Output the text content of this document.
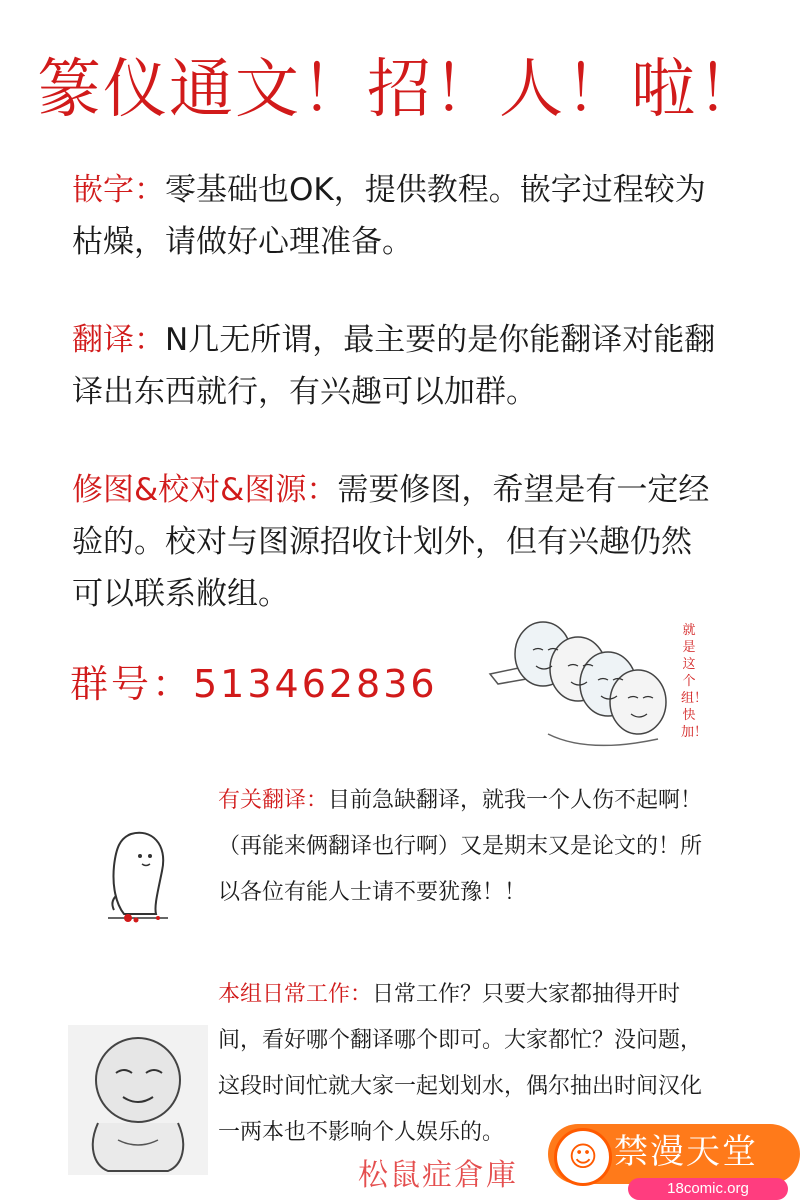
篆仪通文！招！人！啦！
嵌字：零基础也OK，提供教程。嵌字过程较为枯燥，请做好心理准备。
翻译：N几无所谓，最主要的是你能翻译对能翻译出东西就行，有兴趣可以加群。
修图&校对&图源：需要修图，希望是有一定经验的。校对与图源招收计划外，但有兴趣仍然可以联系敝组。
群号：513462836
就是这个组！快加！
有关翻译：目前急缺翻译，就我一个人伤不起啊！（再能来俩翻译也行啊）又是期末又是论文的！所以各位有能人士请不要犹豫！！
本组日常工作：日常工作？只要大家都抽得开时间，看好哪个翻译哪个即可。大家都忙？没问题，这段时间忙就大家一起划划水，偶尔抽出时间汉化一两本也不影响个人娱乐的。
松鼠症倉庫
☺ 禁漫天堂
18comic.org
